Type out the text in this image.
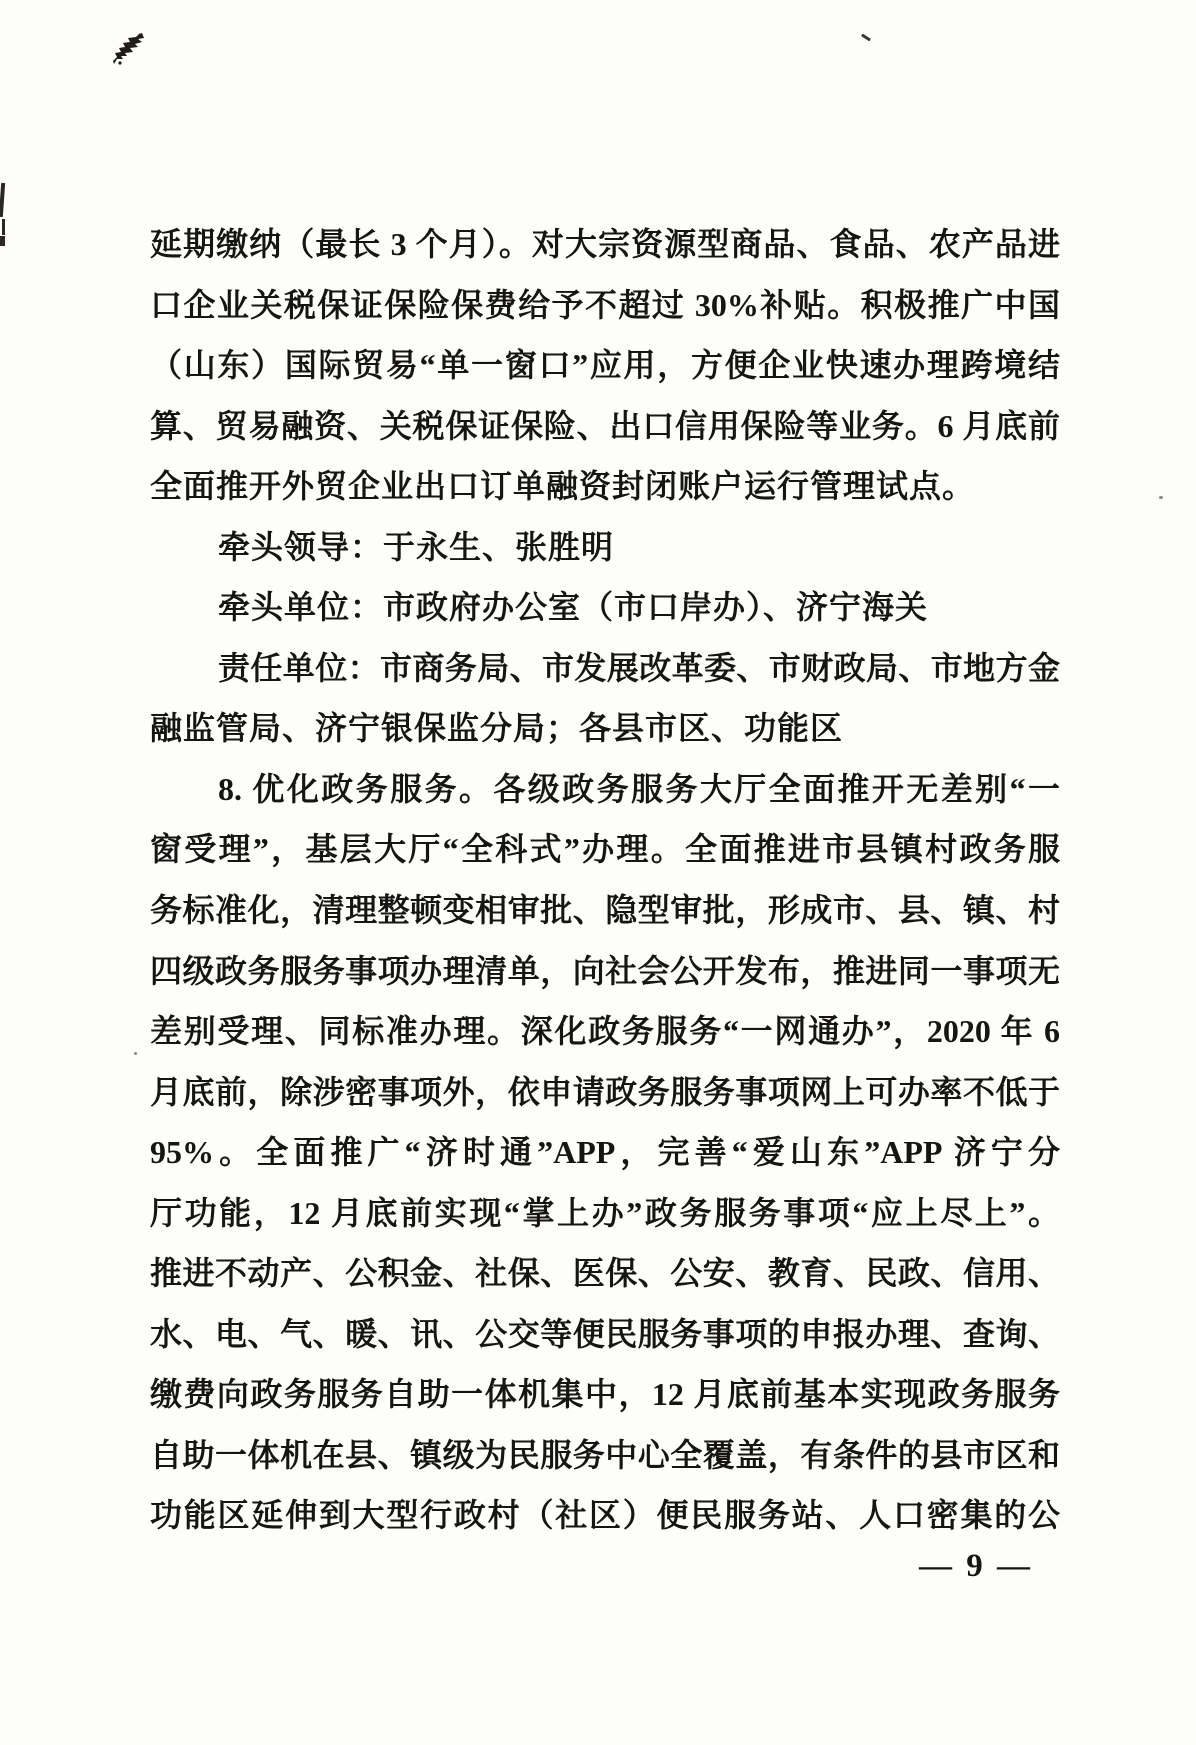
延期缴纳（最长 3 个月）。对大宗资源型商品、食品、农产品进
口企业关税保证保险保费给予不超过 30%补贴。积极推广中国
（山东）国际贸易“单一窗口”应用，方便企业快速办理跨境结
算、贸易融资、关税保证保险、出口信用保险等业务。6 月底前
全面推开外贸企业出口订单融资封闭账户运行管理试点。
牵头领导：于永生、张胜明
牵头单位：市政府办公室（市口岸办）、济宁海关
责任单位：市商务局、市发展改革委、市财政局、市地方金
融监管局、济宁银保监分局；各县市区、功能区
8. 优化政务服务。各级政务服务大厅全面推开无差别“一
窗受理”，基层大厅“全科式”办理。全面推进市县镇村政务服
务标准化，清理整顿变相审批、隐型审批，形成市、县、镇、村
四级政务服务事项办理清单，向社会公开发布，推进同一事项无
差别受理、同标准办理。深化政务服务“一网通办”，2020 年 6
月底前，除涉密事项外，依申请政务服务事项网上可办率不低于
95%。全面推广“济时通”APP，完善“爱山东”APP 济宁分
厅功能，12 月底前实现“掌上办”政务服务事项“应上尽上”。
推进不动产、公积金、社保、医保、公安、教育、民政、信用、
水、电、气、暖、讯、公交等便民服务事项的申报办理、查询、
缴费向政务服务自助一体机集中，12 月底前基本实现政务服务
自助一体机在县、镇级为民服务中心全覆盖，有条件的县市区和
功能区延伸到大型行政村（社区）便民服务站、人口密集的公
— 9 —
